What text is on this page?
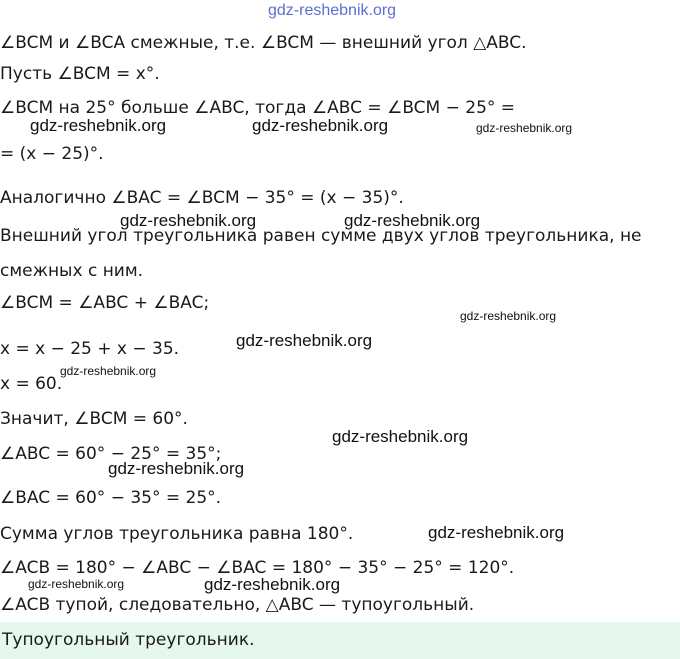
gdz-reshebnik.org
∠BCM и ∠BCA смежные, т.е. ∠BCM — внешний угол △ABC.
Пусть ∠BCM = x°.
∠BCM на 25° больше ∠ABC, тогда ∠ABC = ∠BCM − 25° =
= (x − 25)°.
Аналогично ∠BAC = ∠BCM − 35° = (x − 35)°.
Внешний угол треугольника равен сумме двух углов треугольника, не
смежных с ним.
∠BCM = ∠ABC + ∠BAC;
x = x − 25 + x − 35.
x = 60.
Значит, ∠BCM = 60°.
∠ABC = 60° − 25° = 35°;
∠BAC = 60° − 35° = 25°.
Сумма углов треугольника равна 180°.
∠ACB = 180° − ∠ABC − ∠BAC = 180° − 35° − 25° = 120°.
∠ACB тупой, следовательно, △ABC — тупоугольный.
gdz-reshebnik.org	gdz-reshebnik.org	gdz-reshebnik.org
gdz-reshebnik.org	gdz-reshebnik.org
gdz-reshebnik.org
gdz-reshebnik.org
gdz-reshebnik.org
gdz-reshebnik.org
gdz-reshebnik.org
gdz-reshebnik.org
gdz-reshebnik.org	gdz-reshebnik.org
Тупоугольный треугольник.
